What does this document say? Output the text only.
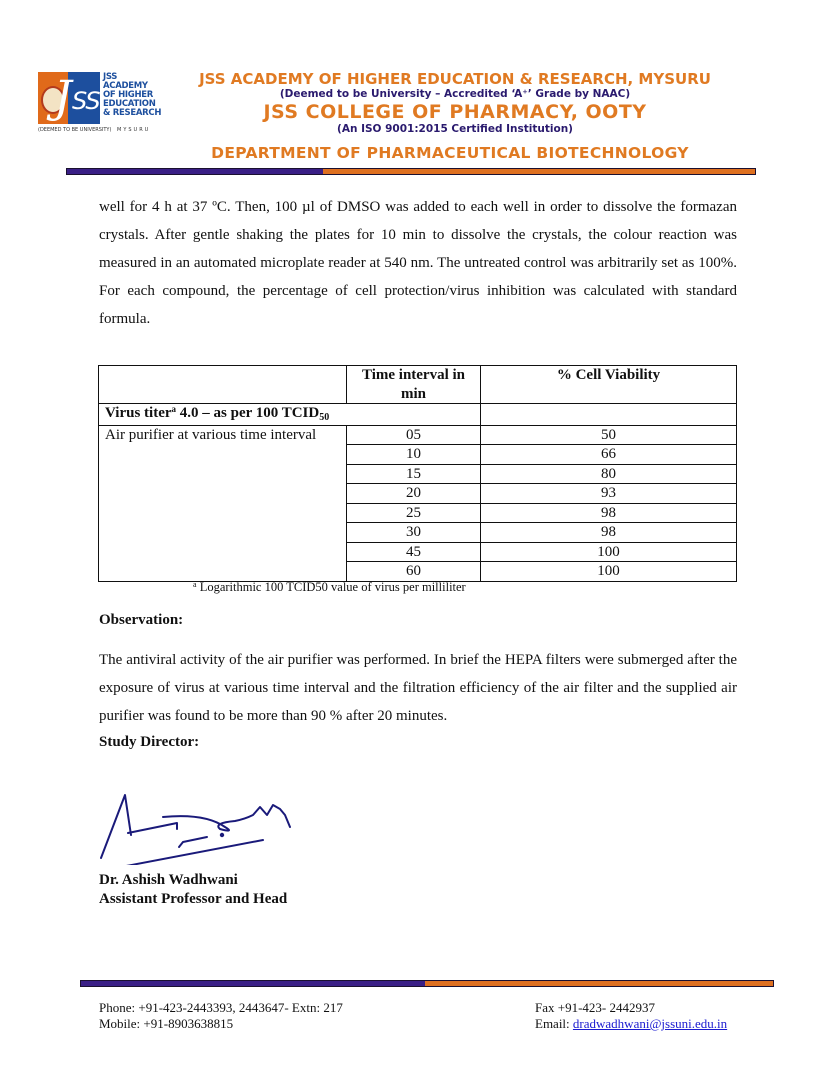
J SS
JSS
ACADEMY
OF HIGHER
EDUCATION
& RESEARCH
(DEEMED TO BE UNIVERSITY) MYSURU
JSS ACADEMY OF HIGHER EDUCATION & RESEARCH, MYSURU
(Deemed to be University – Accredited ‘A⁺’ Grade by NAAC)
JSS COLLEGE OF PHARMACY, OOTY
(An ISO 9001:2015 Certified Institution)
DEPARTMENT OF PHARMACEUTICAL BIOTECHNOLOGY
well for 4 h at 37 ºC. Then, 100 µl of DMSO was added to each well in order to dissolve the formazan crystals. After gentle shaking the plates for 10 min to dissolve the crystals, the colour reaction was measured in an automated microplate reader at 540 nm. The untreated control was arbitrarily set as 100%. For each compound, the percentage of cell protection/virus inhibition was calculated with standard formula.
	Time interval in min	% Cell Viability
Virus titer$^a$ 4.0 – as per 100 $TCID_{50}$	
Air purifier at various time interval	05	50
	10	66
	15	80
	20	93
	25	98
	30	98
	45	100
	60	100
$^a$ Logarithmic 100 TCID50 value of virus per milliliter
Observation:
The antiviral activity of the air purifier was performed. In brief the HEPA filters were submerged after the exposure of virus at various time interval and the filtration efficiency of the air filter and the supplied air purifier was found to be more than 90 % after 20 minutes.
Study Director:
Dr. Ashish Wadhwani
Assistant Professor and Head
Phone: +91-423-2443393, 2443647- Extn: 217
Mobile: +91-8903638815
Fax +91-423- 2442937
Email: dradwadhwani@jssuni.edu.in
